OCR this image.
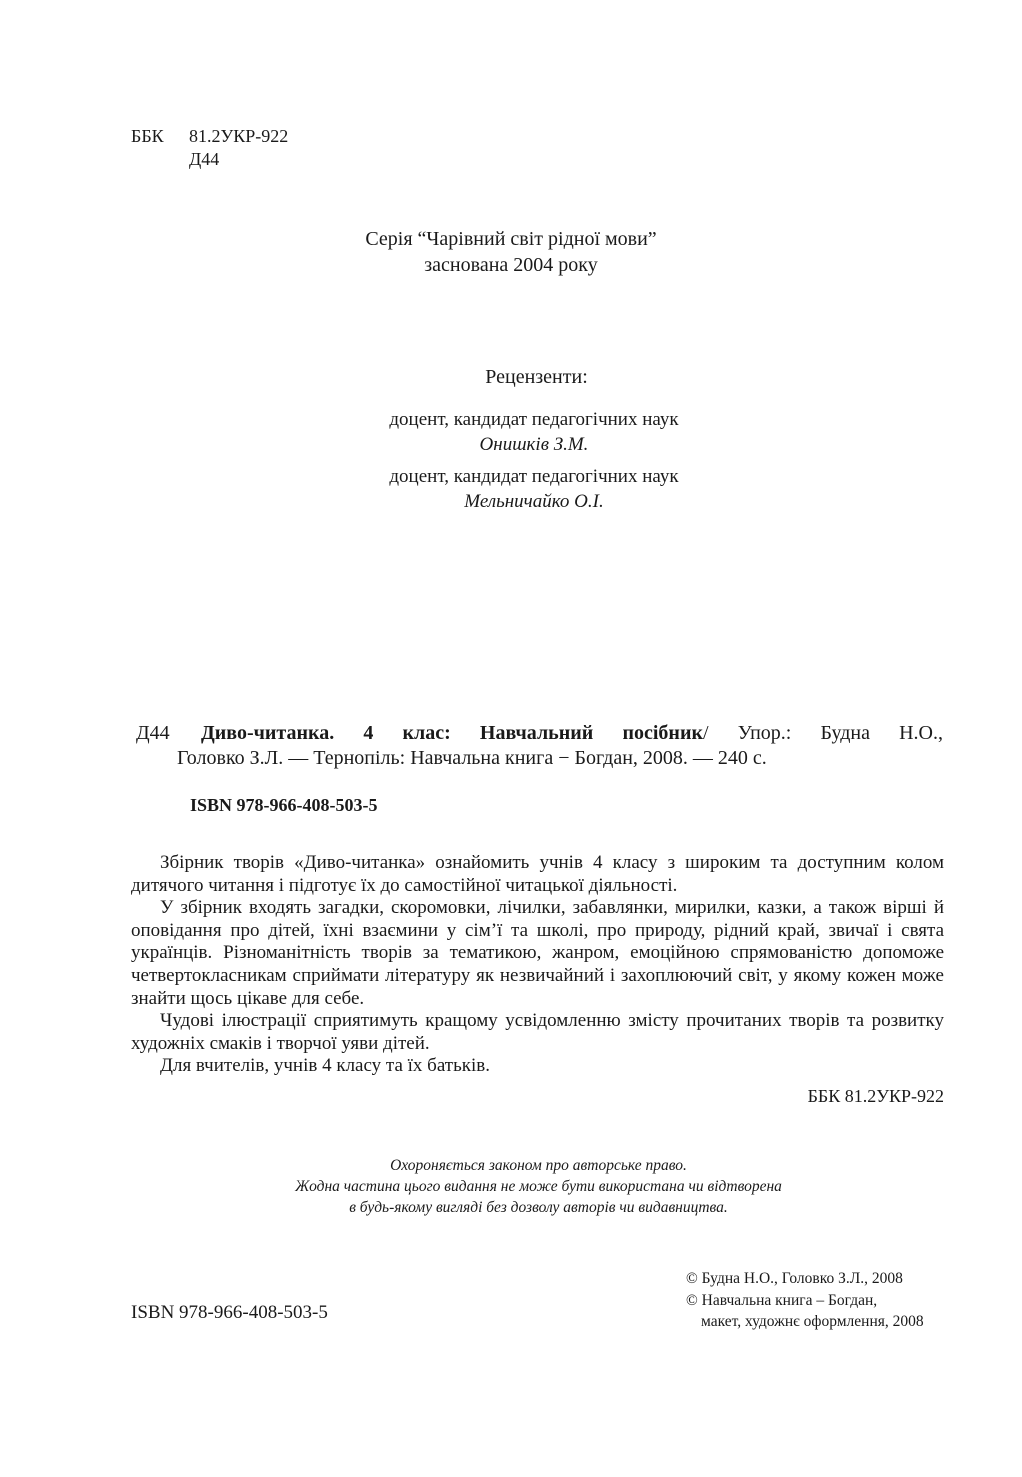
ББК 81.2УКР-922
Д44
Серія “Чарівний світ рідної мови”
заснована 2004 року
Рецензенти:
доцент, кандидат педагогічних наук
Онишків З.М.
доцент, кандидат педагогічних наук
Мельничайко О.І.
Д44 Диво-читанка. 4 клас: Навчальний посібник/ Упор.: Будна Н.О.,
Головко З.Л. — Тернопіль: Навчальна книга − Богдан, 2008. — 240 с.
ISBN 978-966-408-503-5

Збірник творів «Диво-читанка» ознайомить учнів 4 класу з широким та доступним колом дитячого читання і підготує їх до самостійної читацької діяльності.

У збірник входять загадки, скоромовки, лічилки, забавлянки, мирилки, казки, а також вірші й оповідання про дітей, їхні взаємини у сім’ї та школі, про природу, рідний край, звичаї і свята українців. Різноманітність творів за тематикою, жанром, емоційною спрямованістю допоможе четвертокласникам сприймати літературу як незвичайний і захоплюючий світ, у якому кожен може знайти щось цікаве для себе.

Чудові ілюстрації сприятимуть кращому усвідомленню змісту прочитаних творів та розвитку художніх смаків і творчої уяви дітей.

Для вчителів, учнів 4 класу та їх батьків.

ББК 81.2УКР-922
Охороняється законом про авторське право.
Жодна частина цього видання не може бути використана чи відтворена
в будь-якому вигляді без дозволу авторів чи видавництва.
ISBN 978-966-408-503-5
© Будна Н.О., Головко З.Л., 2008
© Навчальна книга – Богдан,
макет, художнє оформлення, 2008
